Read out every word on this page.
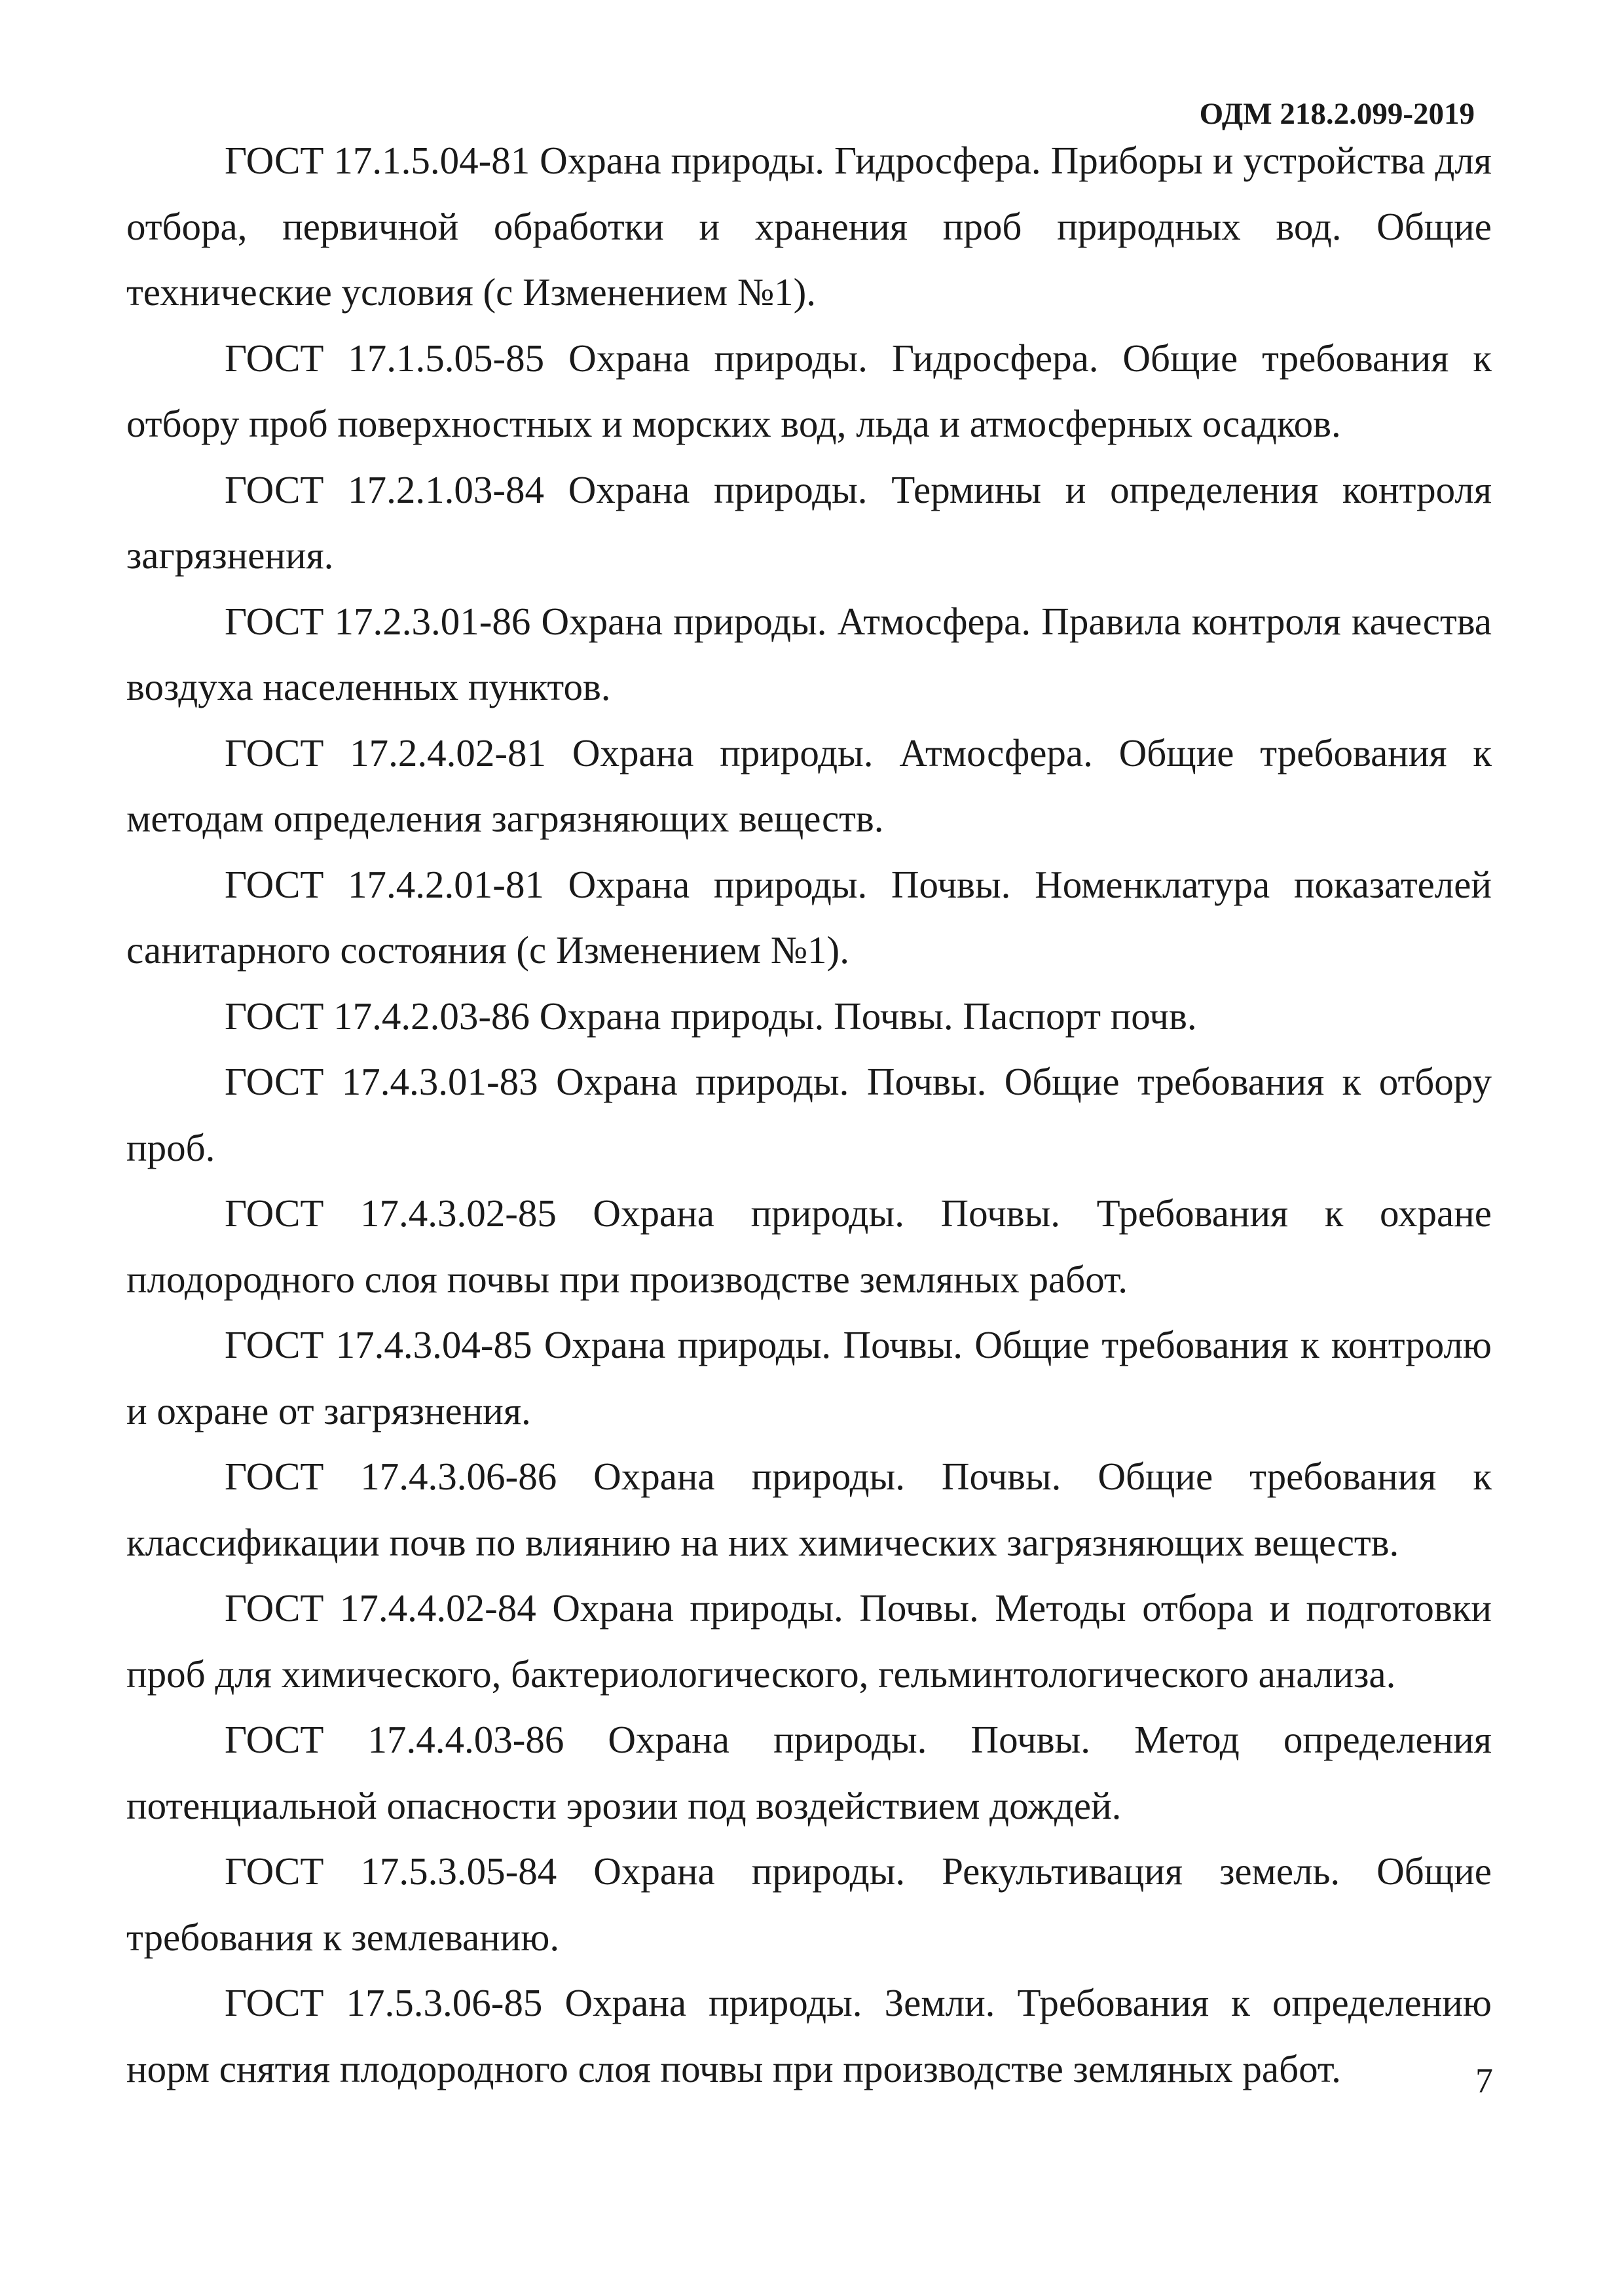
ОДМ 218.2.099-2019

ГОСТ 17.1.5.04-81 Охрана природы. Гидросфера. Приборы и устройства для отбора, первичной обработки и хранения проб природных вод. Общие технические условия (с Изменением №1).

ГОСТ 17.1.5.05-85 Охрана природы. Гидросфера. Общие требования к отбору проб поверхностных и морских вод, льда и атмосферных осадков.

ГОСТ 17.2.1.03-84 Охрана природы. Термины и определения контроля загрязнения.

ГОСТ 17.2.3.01-86 Охрана природы. Атмосфера. Правила контроля качества воздуха населенных пунктов.

ГОСТ 17.2.4.02-81 Охрана природы. Атмосфера. Общие требования к методам определения загрязняющих веществ.

ГОСТ 17.4.2.01-81 Охрана природы. Почвы. Номенклатура показателей санитарного состояния (с Изменением №1).

ГОСТ 17.4.2.03-86 Охрана природы. Почвы. Паспорт почв.

ГОСТ 17.4.3.01-83 Охрана природы. Почвы. Общие требования к отбору проб.

ГОСТ 17.4.3.02-85 Охрана природы. Почвы. Требования к охране плодородного слоя почвы при производстве земляных работ.

ГОСТ 17.4.3.04-85 Охрана природы. Почвы. Общие требования к контролю и охране от загрязнения.

ГОСТ 17.4.3.06-86 Охрана природы. Почвы. Общие требования к классификации почв по влиянию на них химических загрязняющих веществ.

ГОСТ 17.4.4.02-84 Охрана природы. Почвы. Методы отбора и подготовки проб для химического, бактериологического, гельминтологического анализа.

ГОСТ 17.4.4.03-86 Охрана природы. Почвы. Метод определения потенциальной опасности эрозии под воздействием дождей.

ГОСТ 17.5.3.05-84 Охрана природы. Рекультивация земель. Общие требования к землеванию.

ГОСТ 17.5.3.06-85 Охрана природы. Земли. Требования к определению норм снятия плодородного слоя почвы при производстве земляных работ.	7
